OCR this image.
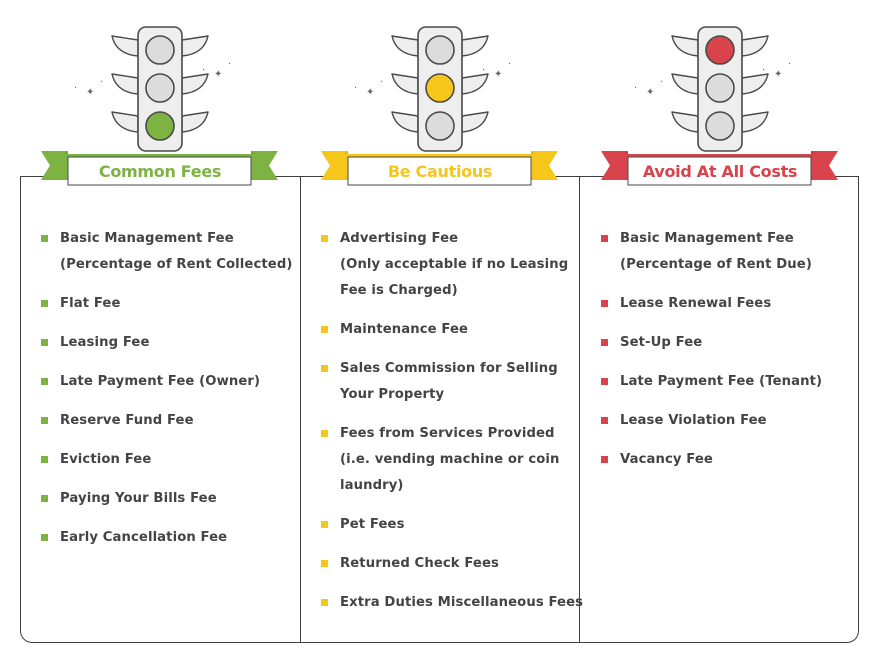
✦
·
·
✦
·
·
Common Fees
Basic Management Fee
(Percentage of Rent Collected)
Flat Fee
Leasing Fee
Late Payment Fee (Owner)
Reserve Fund Fee
Eviction Fee
Paying Your Bills Fee
Early Cancellation Fee
✦
·
·
✦
·
·
Be Cautious
Advertising Fee
(Only acceptable if no Leasing
Fee is Charged)
Maintenance Fee
Sales Commission for Selling
Your Property
Fees from Services Provided
(i.e. vending machine or coin
laundry)
Pet Fees
Returned Check Fees
Extra Duties Miscellaneous Fees
✦
·
·
✦
·
·
Avoid At All Costs
Basic Management Fee
(Percentage of Rent Due)
Lease Renewal Fees
Set-Up Fee
Late Payment Fee (Tenant)
Lease Violation Fee
Vacancy Fee
